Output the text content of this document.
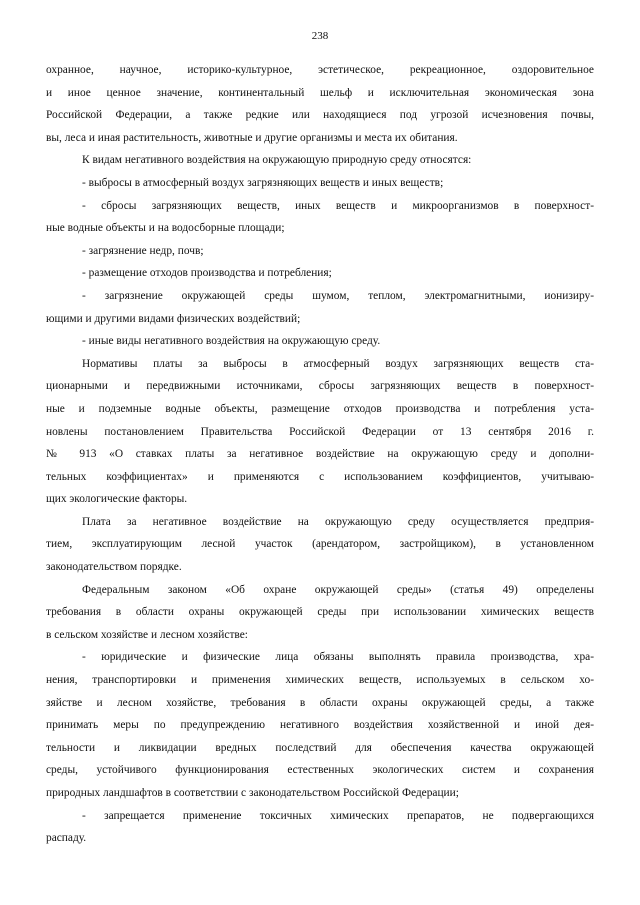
238
охранное, научное, историко-культурное, эстетическое, рекреационное, оздоровительное
и иное ценное значение, континентальный шельф и исключительная экономическая зона
Российской Федерации, а также редкие или находящиеся под угрозой исчезновения почвы,
вы, леса и иная растительность, животные и другие организмы и места их обитания.
К видам негативного воздействия на окружающую природную среду относятся:
- выбросы в атмосферный воздух загрязняющих веществ и иных веществ;
- сбросы загрязняющих веществ, иных веществ и микроорганизмов в поверхност-
ные водные объекты и на водосборные площади;
- загрязнение недр, почв;
- размещение отходов производства и потребления;
- загрязнение окружающей среды шумом, теплом, электромагнитными, ионизиру-
ющими и другими видами физических воздействий;
- иные виды негативного воздействия на окружающую среду.
Нормативы платы за выбросы в атмосферный воздух загрязняющих веществ ста-
ционарными и передвижными источниками, сбросы загрязняющих веществ в поверхност-
ные и подземные водные объекты, размещение отходов производства и потребления уста-
новлены постановлением Правительства Российской Федерации от 13 сентября 2016 г.
№ 913 «О ставках платы за негативное воздействие на окружающую среду и дополни-
тельных коэффициентах» и применяются с использованием коэффициентов, учитываю-
щих экологические факторы.
Плата за негативное воздействие на окружающую среду осуществляется предприя-
тием, эксплуатирующим лесной участок (арендатором, застройщиком), в установленном
законодательством порядке.
Федеральным законом «Об охране окружающей среды» (статья 49) определены
требования в области охраны окружающей среды при использовании химических веществ
в сельском хозяйстве и лесном хозяйстве:
- юридические и физические лица обязаны выполнять правила производства, хра-
нения, транспортировки и применения химических веществ, используемых в сельском хо-
зяйстве и лесном хозяйстве, требования в области охраны окружающей среды, а также
принимать меры по предупреждению негативного воздействия хозяйственной и иной дея-
тельности и ликвидации вредных последствий для обеспечения качества окружающей
среды, устойчивого функционирования естественных экологических систем и сохранения
природных ландшафтов в соответствии с законодательством Российской Федерации;
- запрещается применение токсичных химических препаратов, не подвергающихся
распаду.
